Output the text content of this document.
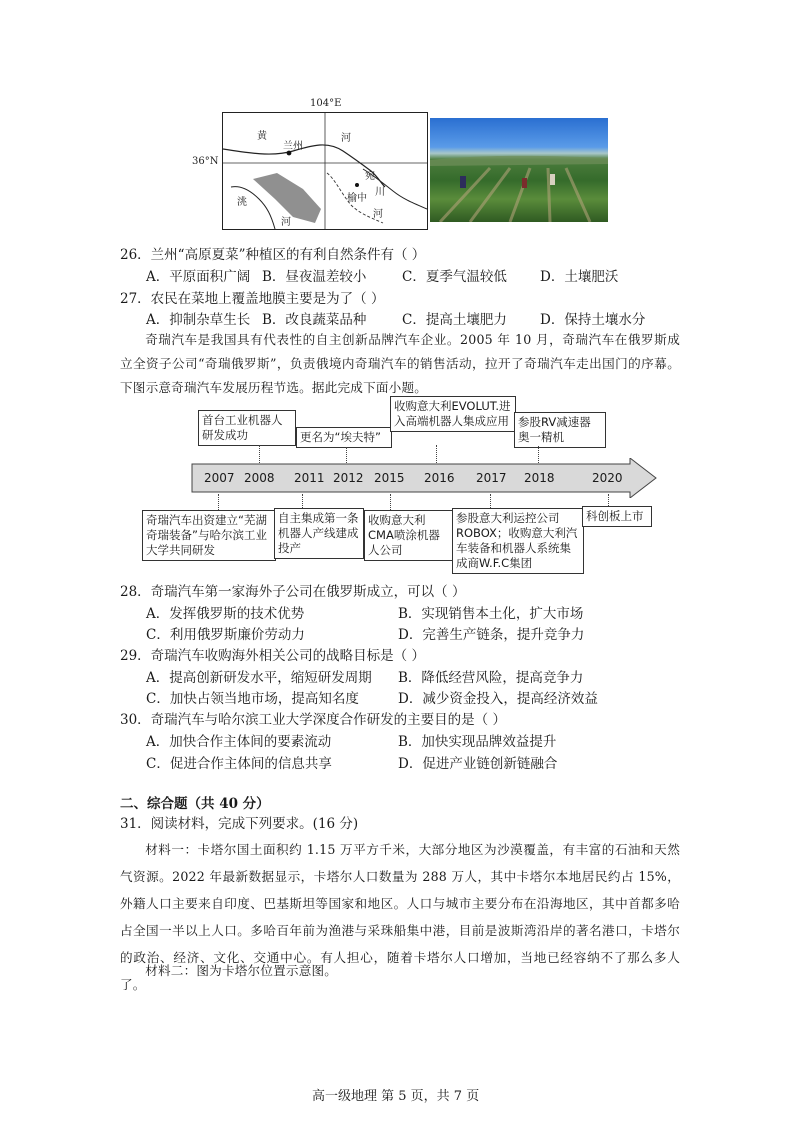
黄	河
兰州
宛
川
榆中
洮
河
河
104°E
36°N
26．兰州“高原夏菜”种植区的有利自然条件有（ ）
A．平原面积广阔 B．昼夜温差较小	C．夏季气温较低 D．土壤肥沃
27．农民在菜地上覆盖地膜主要是为了（ ）
A．抑制杂草生长 B．改良蔬菜品种	C．提高土壤肥力 D．保持土壤水分

奇瑞汽车是我国具有代表性的自主创新品牌汽车企业。2005 年 10 月，奇瑞汽车在俄罗斯成立全资子公司“奇瑞俄罗斯”，负责俄境内奇瑞汽车的销售活动，拉开了奇瑞汽车走出国门的序幕。下图示意奇瑞汽车发展历程节选。据此完成下面小题。

2007 2008 2011 2012 2015 2016 2017 2018	2020
首台工业机器人研发成功	更名为“埃夫特”
收购意大利EVOLUT.进入高端机器人集成应用 参股RV减速器奥一精机
奇瑞汽车出资建立“芜湖奇瑞装备”与哈尔滨工业大学共同研发
自主集成第一条机器人产线建成投产
收购意大利CMA喷涂机器人公司
参股意大利运控公司ROBOX；收购意大利汽车装备和机器人系统集成商W.F.C集团
科创板上市
28．奇瑞汽车第一家海外子公司在俄罗斯成立，可以（ ）
A．发挥俄罗斯的技术优势	B．实现销售本土化，扩大市场
C．利用俄罗斯廉价劳动力	D．完善生产链条，提升竞争力
29．奇瑞汽车收购海外相关公司的战略目标是（ ）
A．提高创新研发水平，缩短研发周期 B．降低经营风险，提高竞争力
C．加快占领当地市场，提高知名度	D．减少资金投入，提高经济效益
30．奇瑞汽车与哈尔滨工业大学深度合作研发的主要目的是（ ）
A．加快合作主体间的要素流动	B．加快实现品牌效益提升
C．促进合作主体间的信息共享	D．促进产业链创新链融合
二、综合题（共 40 分）
31．阅读材料，完成下列要求。(16 分)

材料一：卡塔尔国土面积约 1.15 万平方千米，大部分地区为沙漠覆盖，有丰富的石油和天然气资源。2022 年最新数据显示，卡塔尔人口数量为 288 万人，其中卡塔尔本地居民约占 15%，外籍人口主要来自印度、巴基斯坦等国家和地区。人口与城市主要分布在沿海地区，其中首都多哈占全国一半以上人口。多哈百年前为渔港与采珠船集中港，目前是波斯湾沿岸的著名港口，卡塔尔的政治、经济、文化、交通中心。有人担心，随着卡塔尔人口增加，当地已经容纳不了那么多人了。

材料二：图为卡塔尔位置示意图。

高一级地理 第 5 页，共 7 页
